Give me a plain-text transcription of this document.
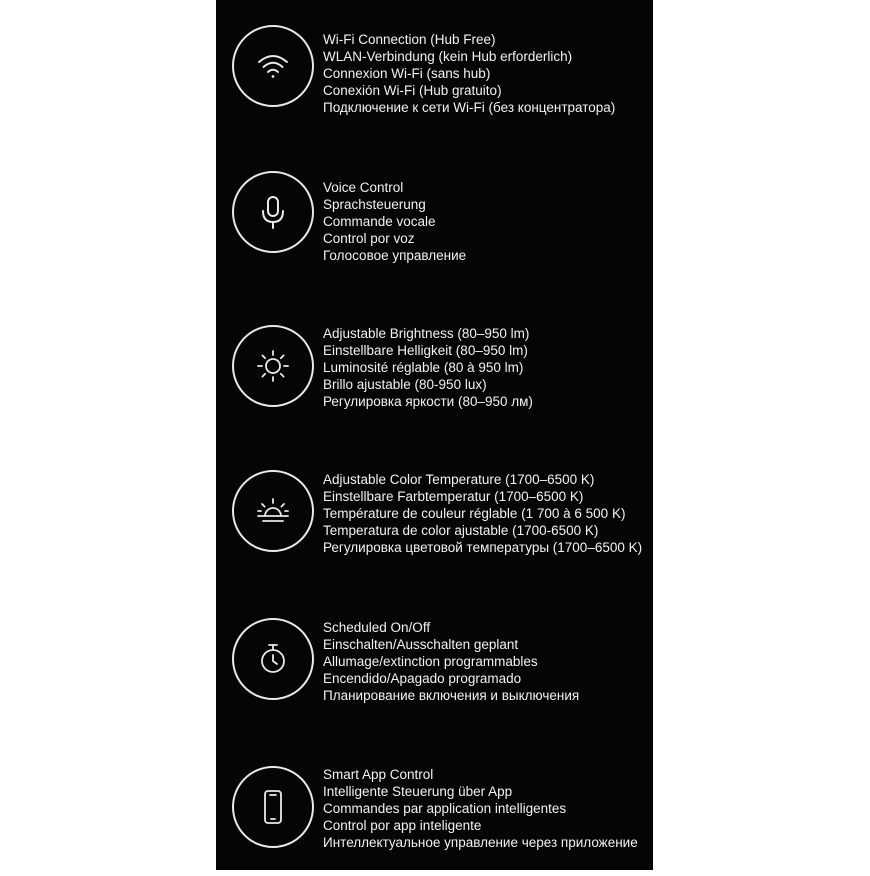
Wi-Fi Connection (Hub Free)
WLAN-Verbindung (kein Hub erforderlich)
Connexion Wi-Fi (sans hub)
Conexión Wi-Fi (Hub gratuito)
Подключение к сети Wi-Fi (без концентратора)
Voice Control
Sprachsteuerung
Commande vocale
Control por voz
Голосовое управление
Adjustable Brightness (80–950 lm)
Einstellbare Helligkeit (80–950 lm)
Luminosité réglable (80 à 950 lm)
Brillo ajustable (80-950 lux)
Регулировка яркости (80–950 лм)
Adjustable Color Temperature (1700–6500 K)
Einstellbare Farbtemperatur (1700–6500 K)
Température de couleur réglable (1 700 à 6 500 K)
Temperatura de color ajustable (1700-6500 K)
Регулировка цветовой температуры (1700–6500 K)
Scheduled On/Off
Einschalten/Ausschalten geplant
Allumage/extinction programmables
Encendido/Apagado programado
Планирование включения и выключения
Smart App Control
Intelligente Steuerung über App
Commandes par application intelligentes
Control por app inteligente
Интеллектуальное управление через приложение
